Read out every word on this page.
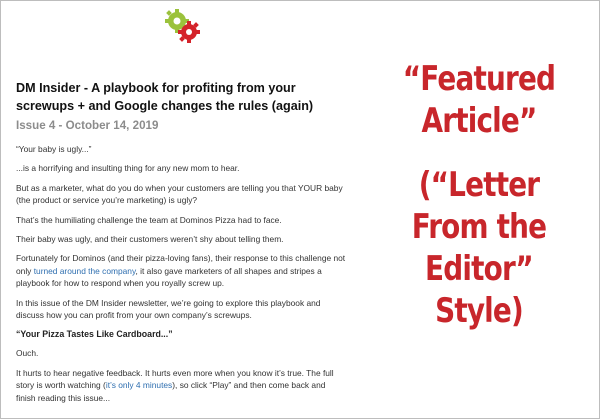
DM Insider - A playbook for profiting from your screwups + and Google changes the rules (again)
Issue 4 - October 14, 2019

“Your baby is ugly...”

...is a horrifying and insulting thing for any new mom to hear.

But as a marketer, what do you do when your customers are telling you that YOUR baby (the product or service you’re marketing) is ugly?

That’s the humiliating challenge the team at Dominos Pizza had to face.

Their baby was ugly, and their customers weren’t shy about telling them.

Fortunately for Dominos (and their pizza-loving fans), their response to this challenge not only turned around the company, it also gave marketers of all shapes and stripes a playbook for how to respond when you royally screw up.

In this issue of the DM Insider newsletter, we’re going to explore this playbook and discuss how you can profit from your own company’s screwups.

“Your Pizza Tastes Like Cardboard...”

Ouch.

It hurts to hear negative feedback. It hurts even more when you know it’s true. The full story is worth watching (it’s only 4 minutes), so click “Play” and then come back and finish reading this issue...

“Featured
Article”
(“Letter
From the
Editor” Style)
